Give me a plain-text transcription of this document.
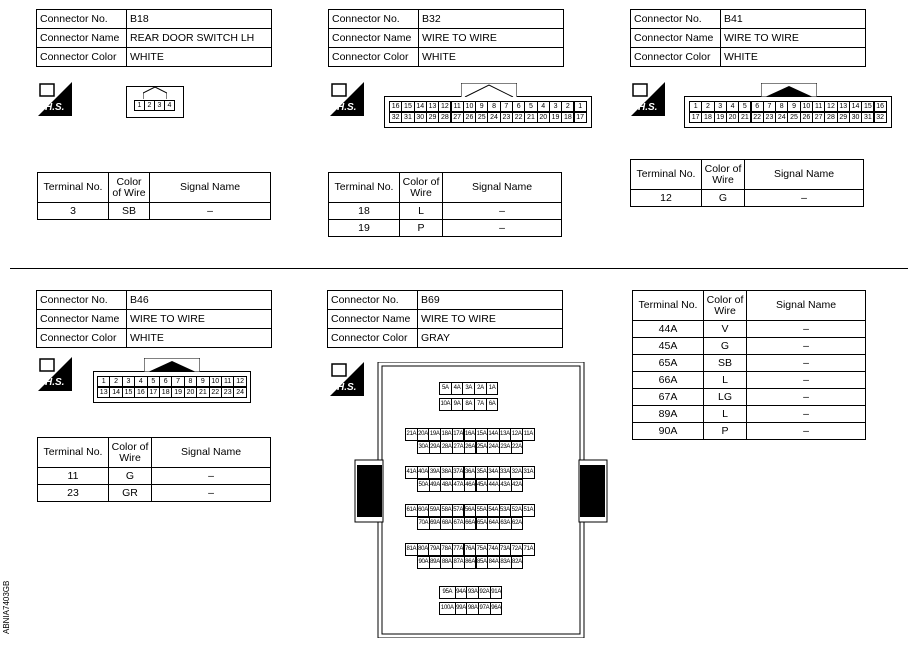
Connector No.	B18
Connector Name	REAR DOOR SWITCH LH
Connector Color	WHITE
H.S.	1 2 3 4
Terminal No.	Color of Wire	Signal Name
3	SB	–
Connector No.	B32
Connector Name	WIRE TO WIRE
Connector Color	WHITE
H.S.	16 15 14 13 12 11 10 9	8	7	6	5	4	3	2	1
32 31 30 29 28 27 26 25 24 23 22 21 20 19 18 17
Terminal No.	Color of Wire	Signal Name
18	L	–
19	P	–
Connector No.	B41
Connector Name	WIRE TO WIRE
Connector Color	WHITE
H.S.	1	2	3	4	5	6	7	8	9 10 11 12 13 14 15 16
17 18 19 20 21 22 23 24 25 26 27 28 29 30 31 32
Terminal No.	Color of Wire	Signal Name
12	G	–
Connector No.	B46
Connector Name	WIRE TO WIRE
Connector Color	WHITE
H.S.	1	2	3	4	5	6	7	8	9 10 11 12
13 14 15 16 17 18 19 20 21 22 23 24
Terminal No.	Color of Wire	Signal Name
11	G	–
23	GR	–
Connector No.	B69
Connector Name	WIRE TO WIRE
Connector Color	GRAY
H.S.	5A 4A 3A 2A 1A
10A 9A 8A 7A 6A
21A 20A 19A 18A 17A 16A 15A 14A 13A 12A 11A
30A 29A 28A 27A 26A 25A 24A 23A 22A
41A 40A 39A 38A 37A 36A 35A 34A 33A 32A 31A
50A 49A 48A 47A 46A 45A 44A 43A 42A
61A 60A 59A 58A 57A 56A 55A 54A 53A 52A 51A
70A 69A 68A 67A 66A 65A 64A 63A 62A
81A 80A 79A 78A 77A 76A 75A 74A 73A 72A 71A
90A 89A 88A 87A 86A 85A 84A 83A 82A
95A 94A 93A 92A 91A
100A 99A 98A 97A 96A
Terminal No.	Color of Wire	Signal Name
44A	V	–
45A	G	–
65A	SB	–
66A	L	–
67A	LG	–
89A	L	–
90A	P	–
ABNIA7403GB
